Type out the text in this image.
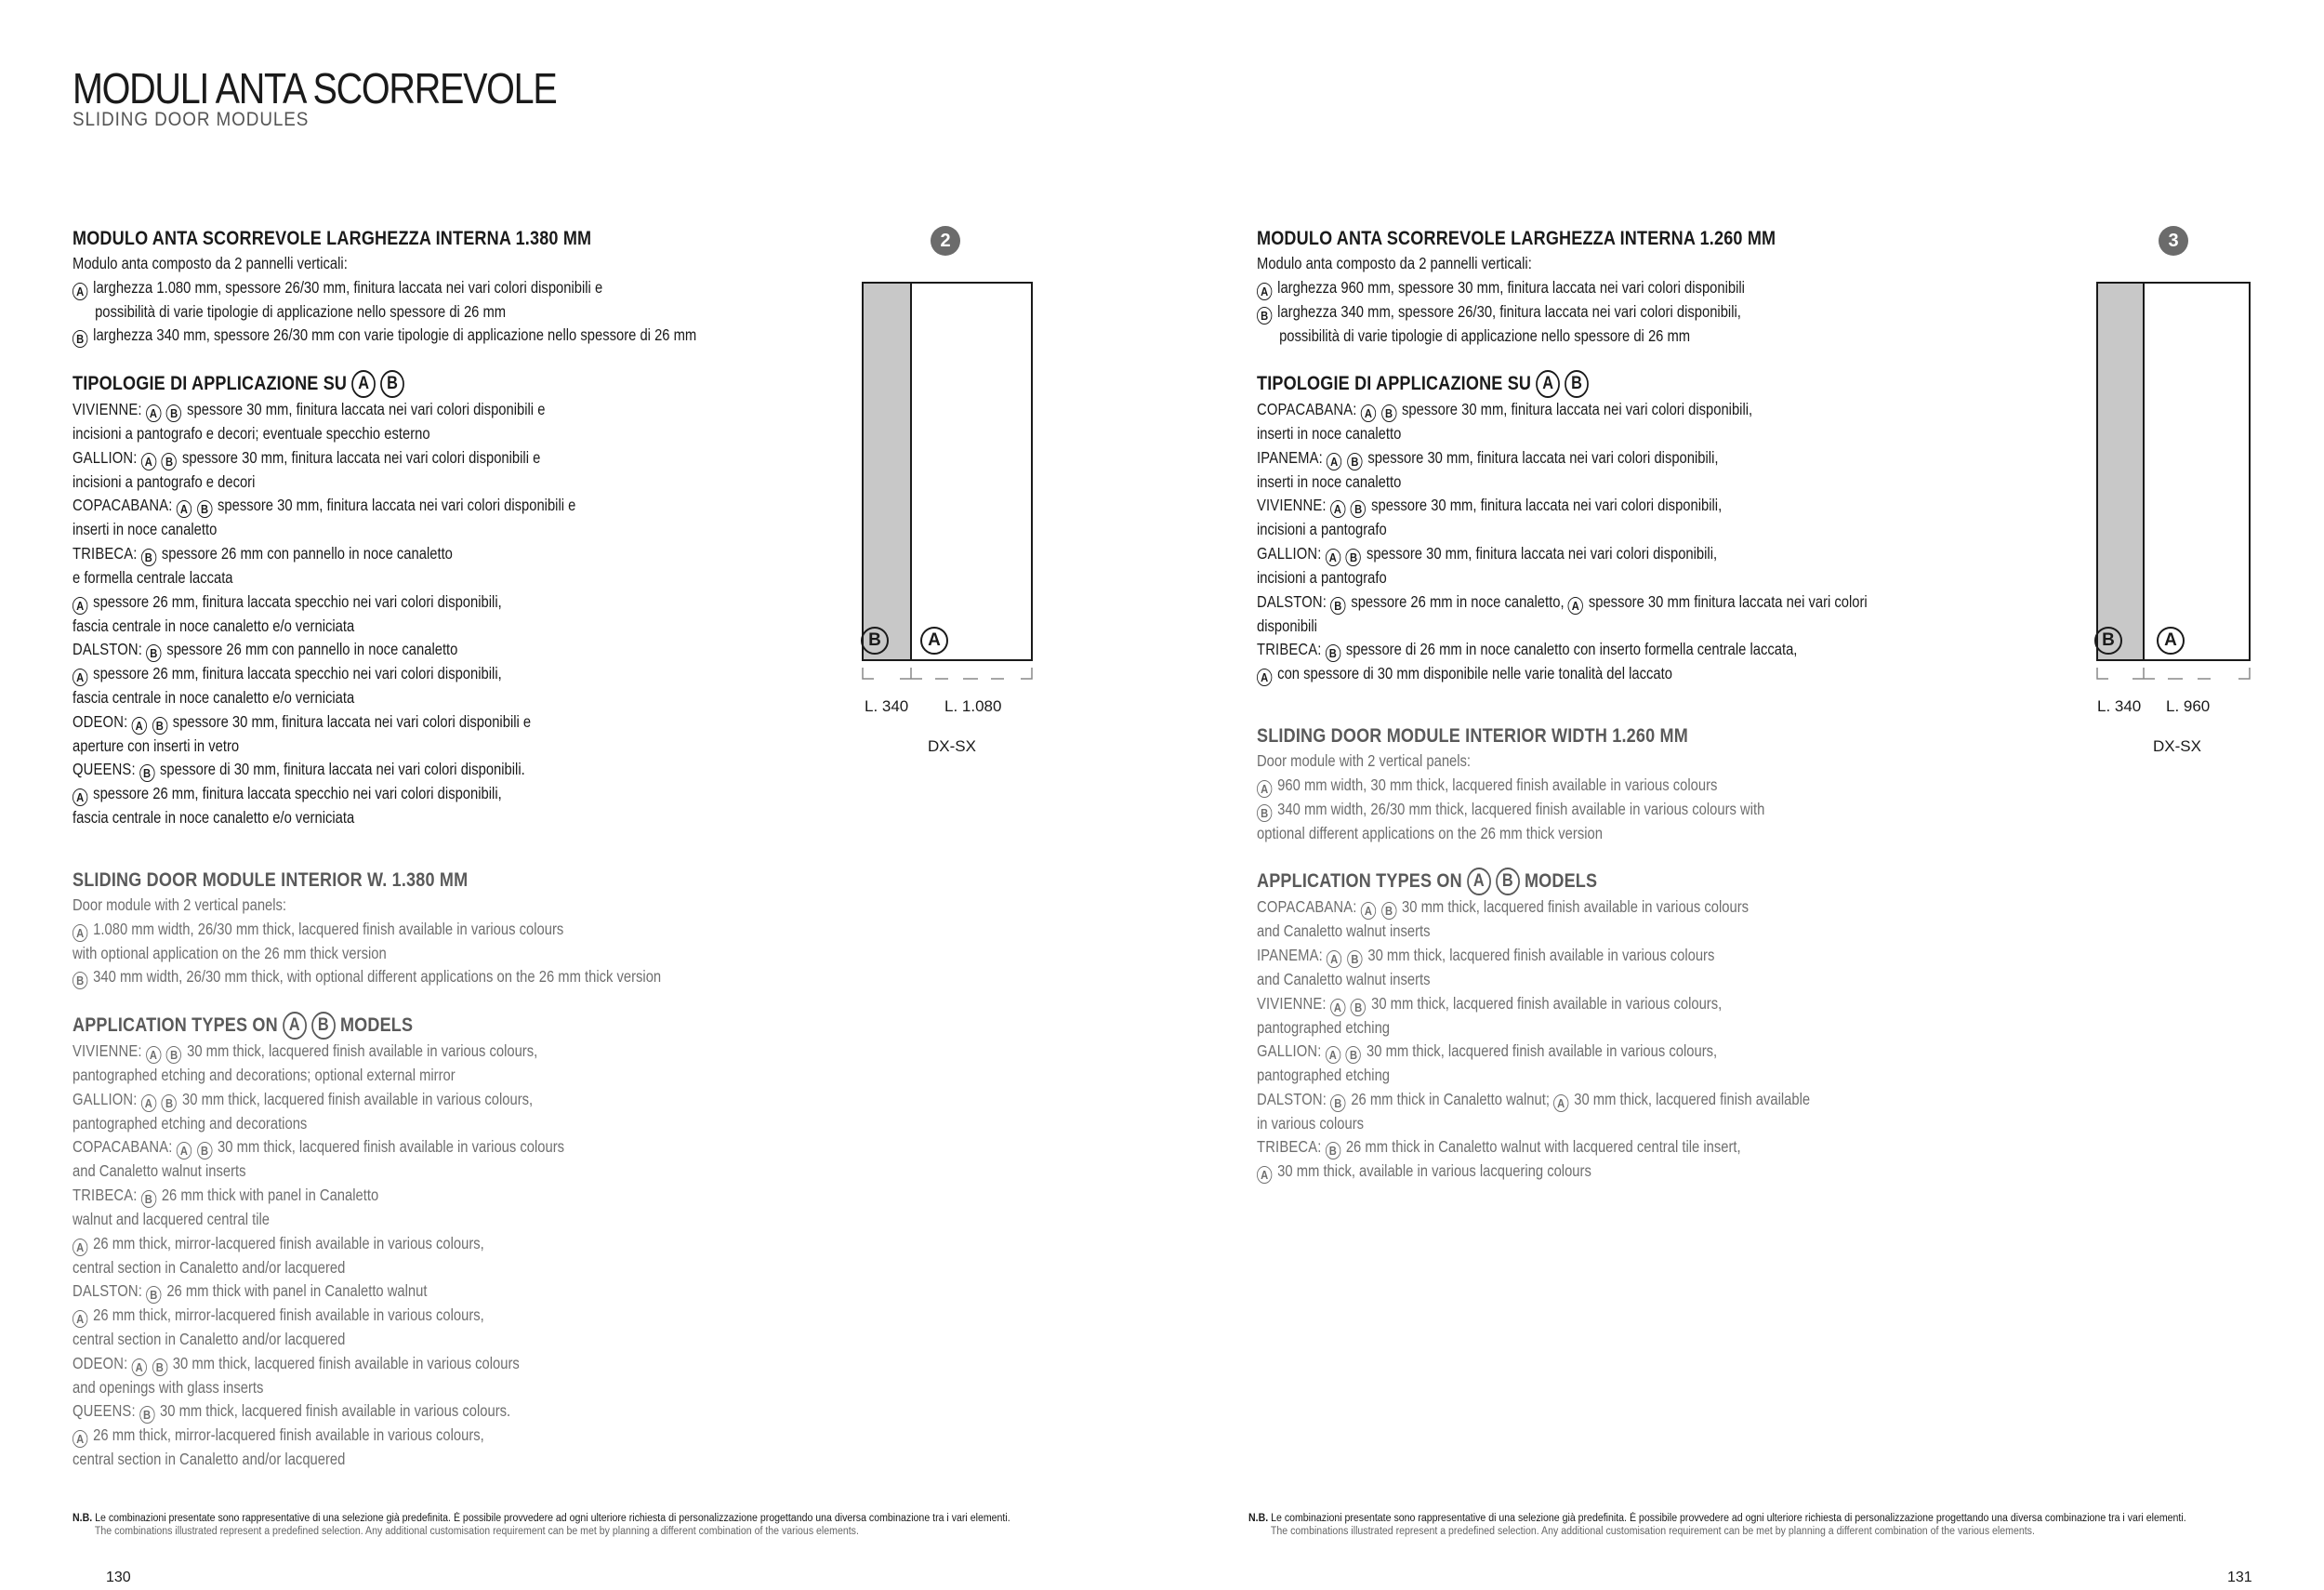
MODULI ANTA SCORREVOLE
SLIDING DOOR MODULES
MODULO ANTA SCORREVOLE LARGHEZZA INTERNA 1.380 MM
Modulo anta composto da 2 pannelli verticali:
A larghezza 1.080 mm, spessore 26/30 mm, finitura laccata nei vari colori disponibili e
possibilità di varie tipologie di applicazione nello spessore di 26 mm
B larghezza 340 mm, spessore 26/30 mm con varie tipologie di applicazione nello spessore di 26 mm
TIPOLOGIE DI APPLICAZIONE SU A B
VIVIENNE: A B spessore 30 mm, finitura laccata nei vari colori disponibili e
incisioni a pantografo e decori; eventuale specchio esterno
GALLION: A B spessore 30 mm, finitura laccata nei vari colori disponibili e
incisioni a pantografo e decori
COPACABANA: A B spessore 30 mm, finitura laccata nei vari colori disponibili e
inserti in noce canaletto
TRIBECA: B spessore 26 mm con pannello in noce canaletto
e formella centrale laccata
A spessore 26 mm, finitura laccata specchio nei vari colori disponibili,
fascia centrale in noce canaletto e/o verniciata
DALSTON: B spessore 26 mm con pannello in noce canaletto
A spessore 26 mm, finitura laccata specchio nei vari colori disponibili,
fascia centrale in noce canaletto e/o verniciata
ODEON: A B spessore 30 mm, finitura laccata nei vari colori disponibili e
aperture con inserti in vetro
QUEENS: B spessore di 30 mm, finitura laccata nei vari colori disponibili.
A spessore 26 mm, finitura laccata specchio nei vari colori disponibili,
fascia centrale in noce canaletto e/o verniciata
SLIDING DOOR MODULE INTERIOR W. 1.380 MM
Door module with 2 vertical panels:
A 1.080 mm width, 26/30 mm thick, lacquered finish available in various colours
with optional application on the 26 mm thick version
B 340 mm width, 26/30 mm thick, with optional different applications on the 26 mm thick version
APPLICATION TYPES ON A B MODELS
VIVIENNE: A B 30 mm thick, lacquered finish available in various colours,
pantographed etching and decorations; optional external mirror
GALLION: A B 30 mm thick, lacquered finish available in various colours,
pantographed etching and decorations
COPACABANA: A B 30 mm thick, lacquered finish available in various colours
and Canaletto walnut inserts
TRIBECA: B 26 mm thick with panel in Canaletto
walnut and lacquered central tile
A 26 mm thick, mirror-lacquered finish available in various colours,
central section in Canaletto and/or lacquered
DALSTON: B 26 mm thick with panel in Canaletto walnut
A 26 mm thick, mirror-lacquered finish available in various colours,
central section in Canaletto and/or lacquered
ODEON: A B 30 mm thick, lacquered finish available in various colours
and openings with glass inserts
QUEENS: B 30 mm thick, lacquered finish available in various colours.
A 26 mm thick, mirror-lacquered finish available in various colours,
central section in Canaletto and/or lacquered
2
B	A
L. 340 L. 1.080
DX-SX
N.B. Le combinazioni presentate sono rappresentative di una selezione già predefinita. È possibile provvedere ad ogni ulteriore richiesta di personalizzazione progettando una diversa combinazione tra i vari elementi.
The combinations illustrated represent a predefined selection. Any additional customisation requirement can be met by planning a different combination of the various elements.
130
MODULO ANTA SCORREVOLE LARGHEZZA INTERNA 1.260 MM
Modulo anta composto da 2 pannelli verticali:
A larghezza 960 mm, spessore 30 mm, finitura laccata nei vari colori disponibili
B larghezza 340 mm, spessore 26/30, finitura laccata nei vari colori disponibili,
possibilità di varie tipologie di applicazione nello spessore di 26 mm
TIPOLOGIE DI APPLICAZIONE SU A B
COPACABANA: A B spessore 30 mm, finitura laccata nei vari colori disponibili,
inserti in noce canaletto
IPANEMA: A B spessore 30 mm, finitura laccata nei vari colori disponibili,
inserti in noce canaletto
VIVIENNE: A B spessore 30 mm, finitura laccata nei vari colori disponibili,
incisioni a pantografo
GALLION: A B spessore 30 mm, finitura laccata nei vari colori disponibili,
incisioni a pantografo
DALSTON: B spessore 26 mm in noce canaletto, A spessore 30 mm finitura laccata nei vari colori
disponibili
TRIBECA: B spessore di 26 mm in noce canaletto con inserto formella centrale laccata,
A con spessore di 30 mm disponibile nelle varie tonalità del laccato
SLIDING DOOR MODULE INTERIOR WIDTH 1.260 MM
Door module with 2 vertical panels:
A 960 mm width, 30 mm thick, lacquered finish available in various colours
B 340 mm width, 26/30 mm thick, lacquered finish available in various colours with
optional different applications on the 26 mm thick version
APPLICATION TYPES ON A B MODELS
COPACABANA: A B 30 mm thick, lacquered finish available in various colours
and Canaletto walnut inserts
IPANEMA: A B 30 mm thick, lacquered finish available in various colours
and Canaletto walnut inserts
VIVIENNE: A B 30 mm thick, lacquered finish available in various colours,
pantographed etching
GALLION: A B 30 mm thick, lacquered finish available in various colours,
pantographed etching
DALSTON: B 26 mm thick in Canaletto walnut; A 30 mm thick, lacquered finish available
in various colours
TRIBECA: B 26 mm thick in Canaletto walnut with lacquered central tile insert,
A 30 mm thick, available in various lacquering colours
3
B	A
L. 340 L. 960
DX-SX
N.B. Le combinazioni presentate sono rappresentative di una selezione già predefinita. È possibile provvedere ad ogni ulteriore richiesta di personalizzazione progettando una diversa combinazione tra i vari elementi.
The combinations illustrated represent a predefined selection. Any additional customisation requirement can be met by planning a different combination of the various elements.
131
